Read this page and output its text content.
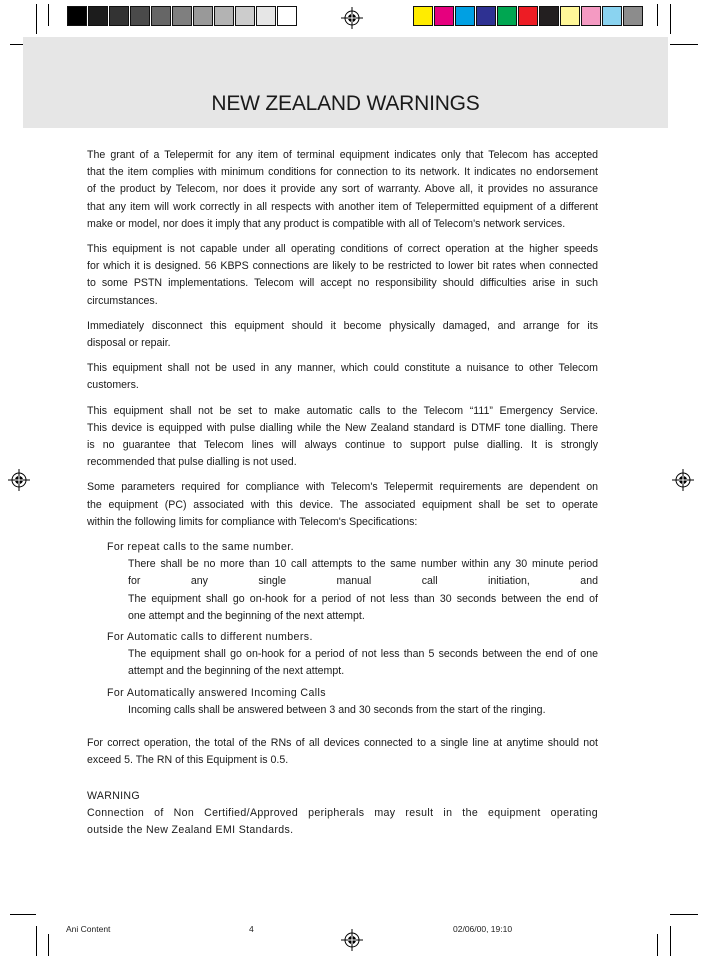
NEW ZEALAND WARNINGS

The grant of a Telepermit for any item of terminal equipment indicates only that Telecom has accepted
that the item complies with minimum conditions for connection to its network. It indicates no endorsement
of the product by Telecom, nor does it provide any sort of warranty. Above all, it provides no assurance
that any item will work correctly in all respects with another item of Telepermitted equipment of a different
make or model, nor does it imply that any product is compatible with all of Telecom's network services.

This equipment is not capable under all operating conditions of correct operation at the higher speeds
for which it is designed. 56 KBPS connections are likely to be restricted to lower bit rates when connected
to some PSTN implementations. Telecom will accept no responsibility should difficulties arise in such
circumstances.

Immediately disconnect this equipment should it become physically damaged, and arrange for its
disposal or repair.

This equipment shall not be used in any manner, which could constitute a nuisance to other Telecom
customers.

This equipment shall not be set to make automatic calls to the Telecom “111” Emergency Service.
This device is equipped with pulse dialling while the New Zealand standard is DTMF tone dialling. There
is no guarantee that Telecom lines will always continue to support pulse dialling. It is strongly
recommended that pulse dialling is not used.

Some parameters required for compliance with Telecom's Telepermit requirements are dependent on
the equipment (PC) associated with this device. The associated equipment shall be set to operate
within the following limits for compliance with Telecom's Specifications:

For repeat calls to the same number.
There shall be no more than 10 call attempts to the same number within any 30 minute period
for any single manual call initiation, and
The equipment shall go on-hook for a period of not less than 30 seconds between the end of
one attempt and the beginning of the next attempt.
For Automatic calls to different numbers.
The equipment shall go on-hook for a period of not less than 5 seconds between the end of one
attempt and the beginning of the next attempt.
For Automatically answered Incoming Calls
Incoming calls shall be answered between 3 and 30 seconds from the start of the ringing.

For correct operation, the total of the RNs of all devices connected to a single line at anytime should not
exceed 5. The RN of this Equipment is 0.5.

WARNING
Connection of Non Certified/Approved peripherals may result in the equipment operating
outside the New Zealand EMI Standards.
Ani Content	4	02/06/00, 19:10
